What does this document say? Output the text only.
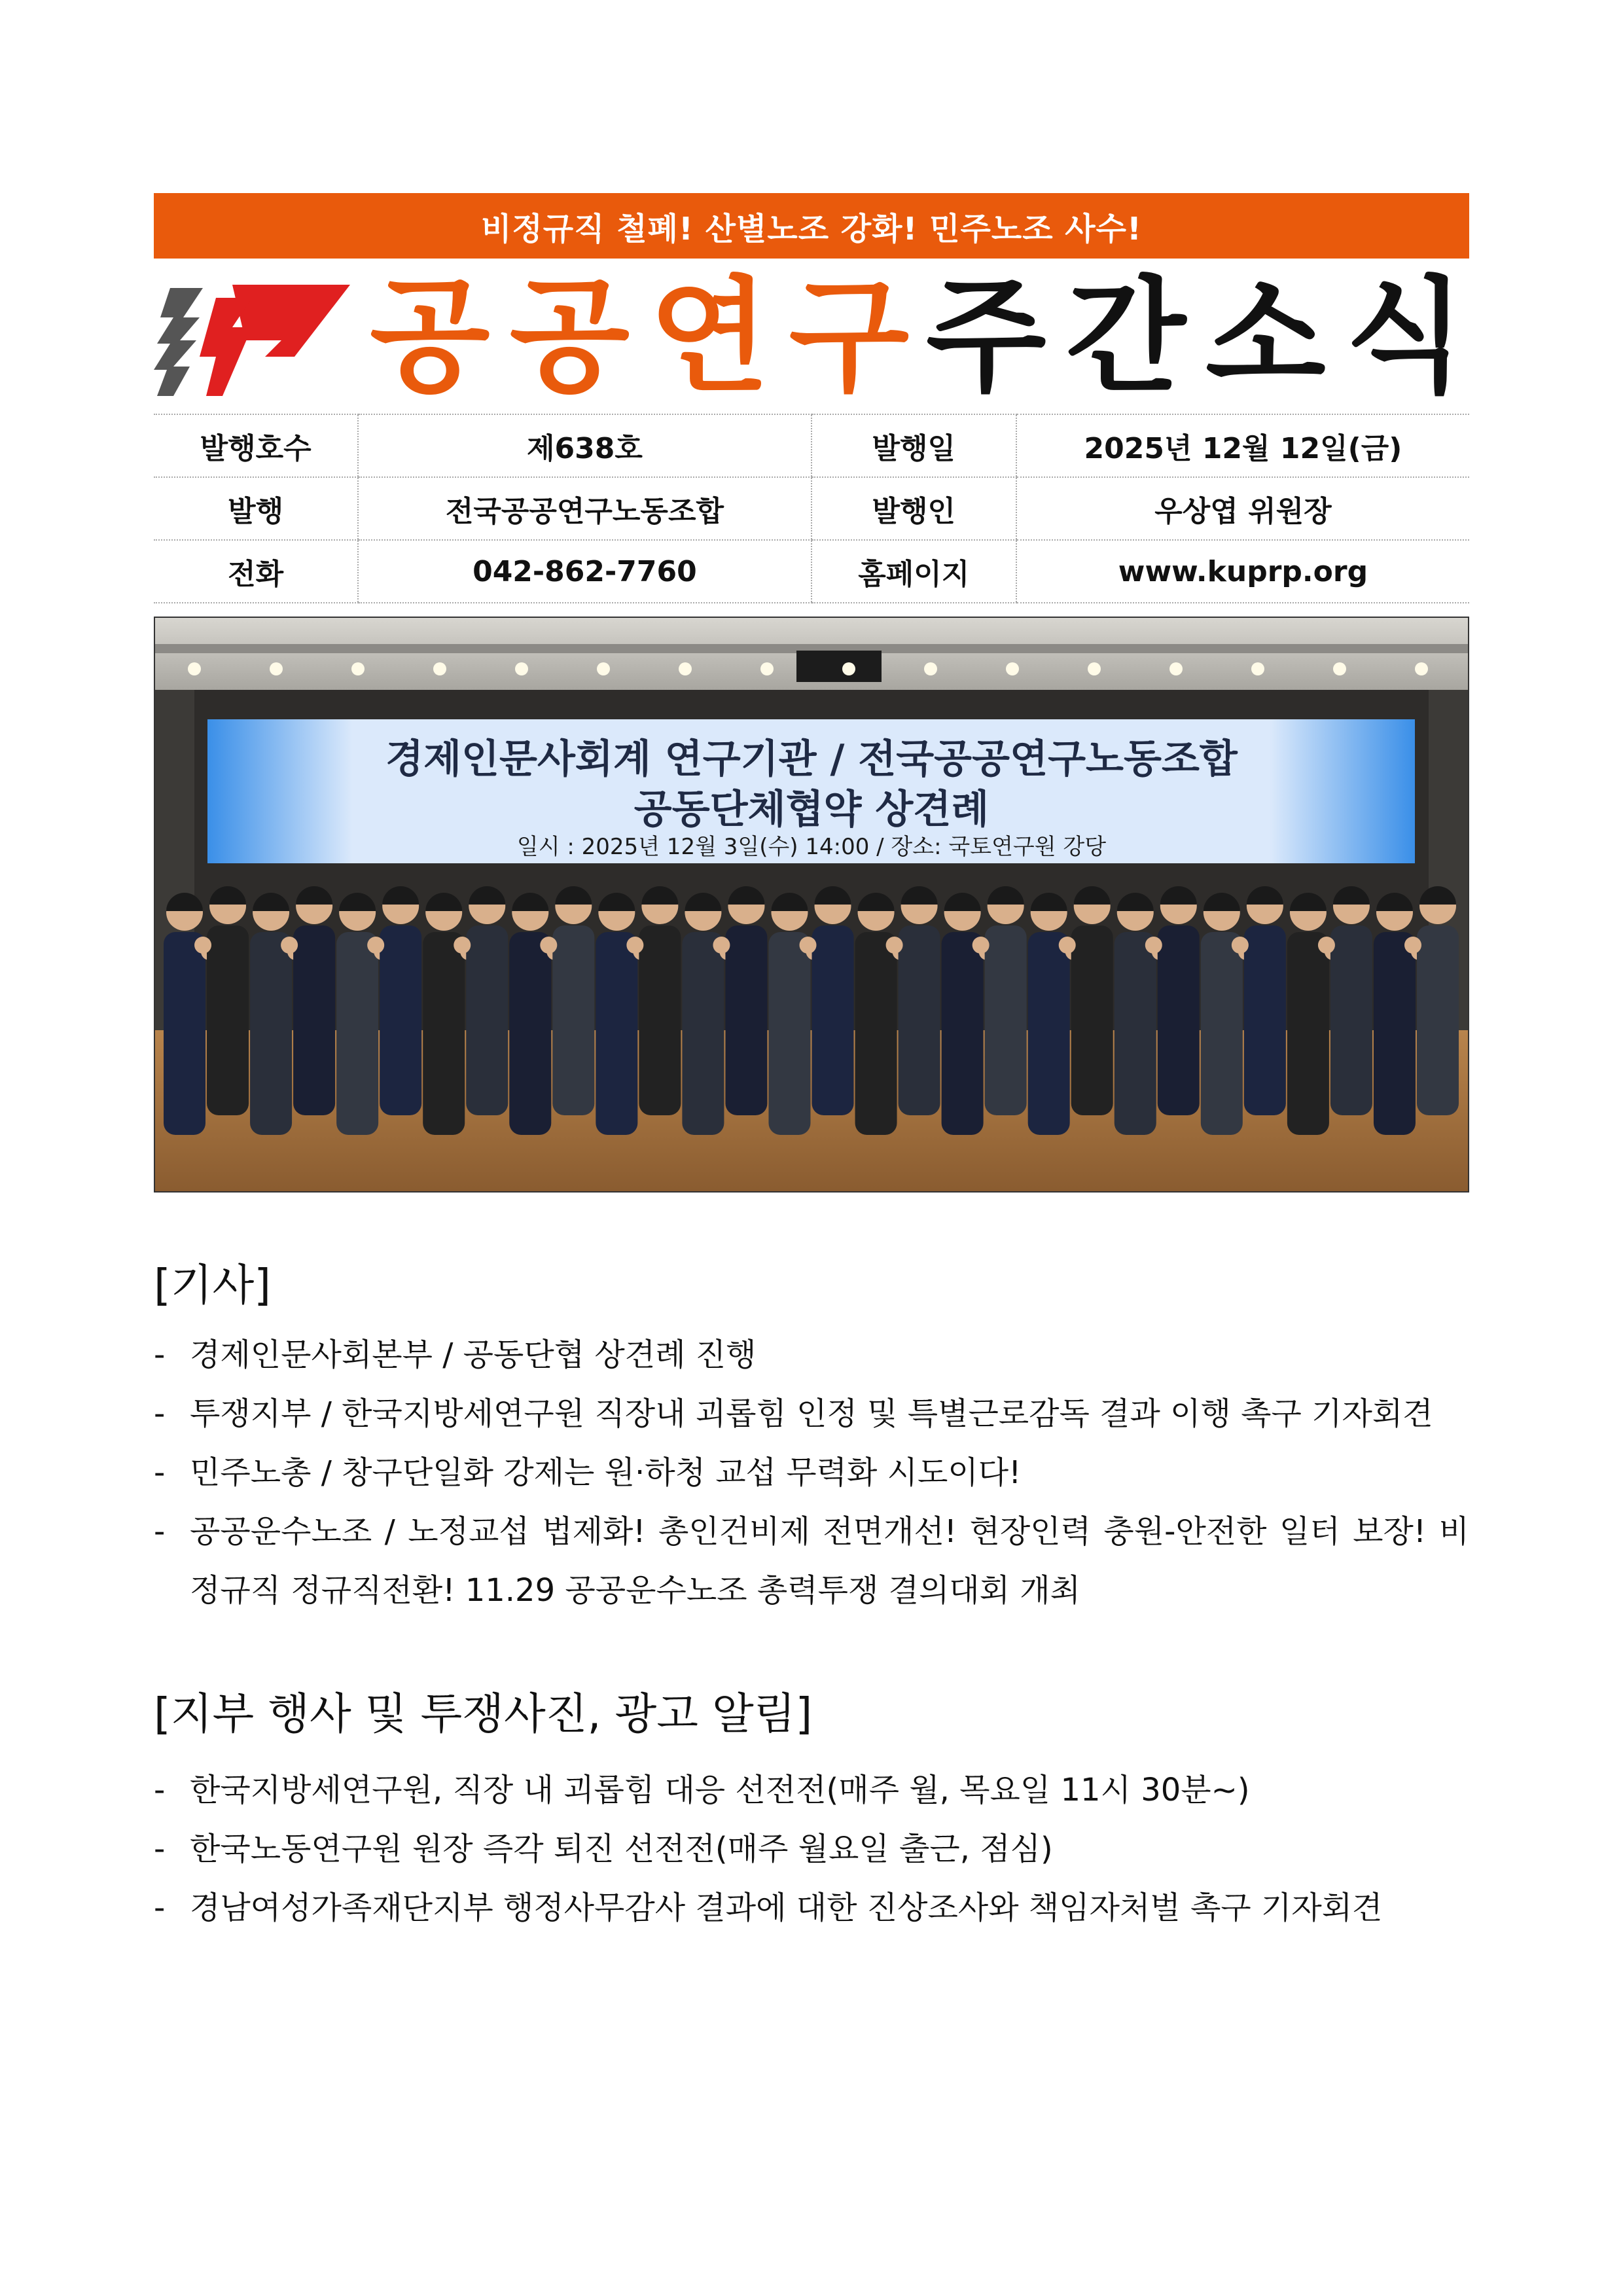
비정규직 철폐! 산별노조 강화! 민주노조 사수!
공공연구
주간소식
발행호수	제638호	발행일	2025년 12월 12일(금)
발행	전국공공연구노동조합	발행인	우상엽 위원장
전화	042-862-7760	홈페이지	www.kuprp.org
경제인문사회계 연구기관 / 전국공공연구노동조합
공동단체협약 상견례
일시 : 2025년 12월 3일(수) 14:00 / 장소: 국토연구원 강당
[기사]
- 경제인문사회본부 / 공동단협 상견례 진행
- 투쟁지부 / 한국지방세연구원 직장내 괴롭힘 인정 및 특별근로감독 결과 이행 촉구 기자회견
- 민주노총 / 창구단일화 강제는 원·하청 교섭 무력화 시도이다!
- 공공운수노조 / 노정교섭 법제화! 총인건비제 전면개선! 현장인력 충원-안전한 일터 보장! 비정규직 정규직전환! 11.29 공공운수노조 총력투쟁 결의대회 개최
[지부 행사 및 투쟁사진, 광고 알림]
- 한국지방세연구원, 직장 내 괴롭힘 대응 선전전(매주 월, 목요일 11시 30분~)
- 한국노동연구원 원장 즉각 퇴진 선전전(매주 월요일 출근, 점심)
- 경남여성가족재단지부 행정사무감사 결과에 대한 진상조사와 책임자처벌 촉구 기자회견
